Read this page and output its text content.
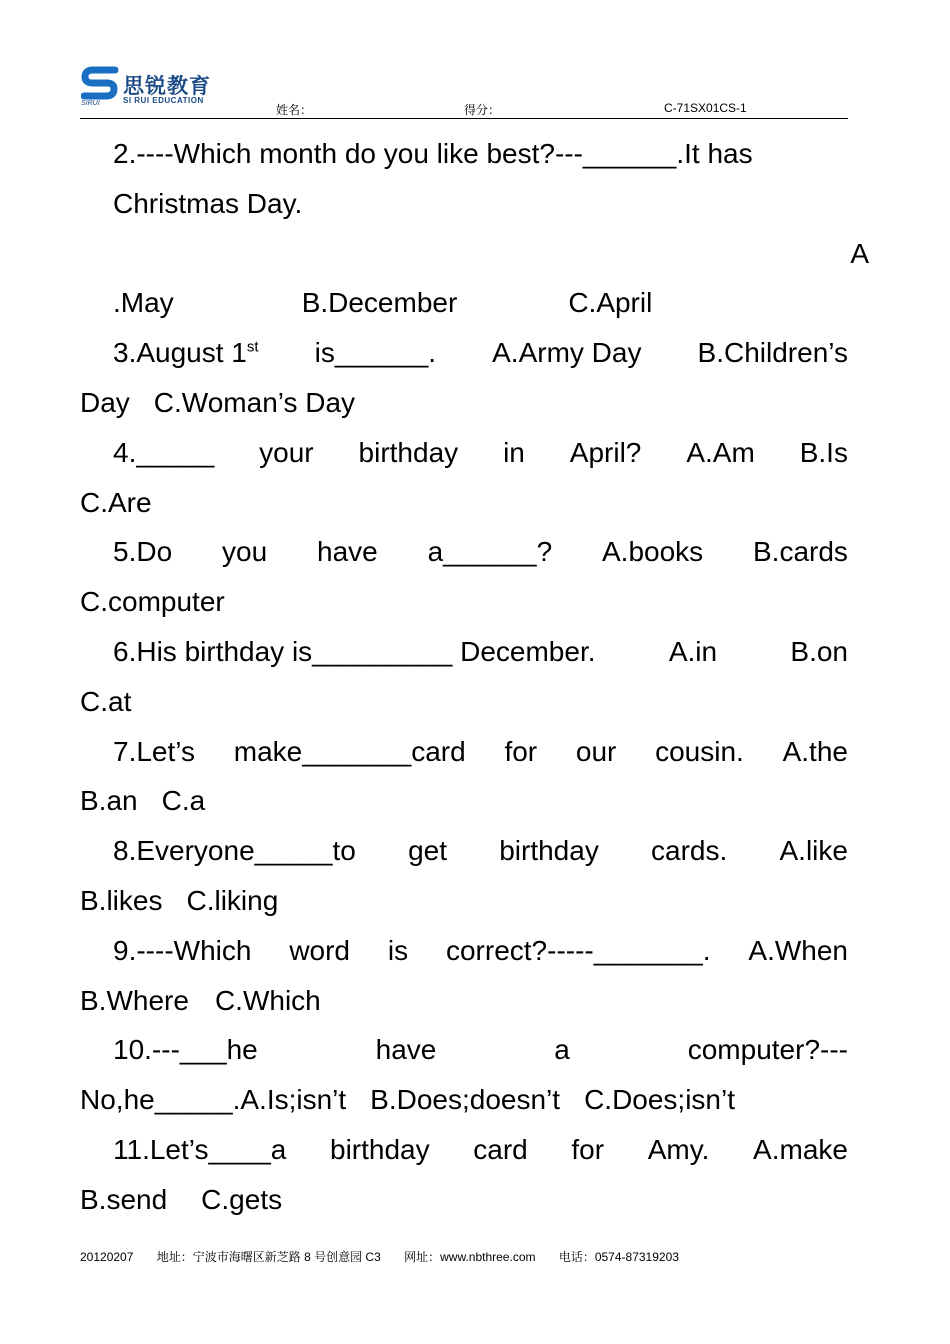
SIRUI
思锐教育
SI RUI EDUCATION
姓名：	得分：	C-71SX01CS-1
2.----Which month do you like best?---______.It has
Christmas Day.
A
.May	B.December	C.April
3.August 1st is______. A.Army Day B.Children’s
Day C.Woman’s Day
4._____ your birthday in April? A.Am B.Is
C.Are
5.Do you have a______? A.books B.cards
C.computer
6.His birthday is_________ December.	A.in	B.on
C.at
7.Let’s make_______card for our cousin. A.the
B.an C.a
8.Everyone_____to get birthday cards. A.like
B.likes C.liking
9.----Which word is correct?-----_______. A.When
B.Where C.Which
10.---___he	have	a	computer?---
No,he_____.A.Is;isn’t B.Does;doesn’t C.Does;isn’t
11.Let’s____a birthday card for Amy. A.make
B.send C.gets
20120207 地址：宁波市海曙区新芝路 8 号创意园 C3 网址：www.nbthree.com 电话：0574-87319203
